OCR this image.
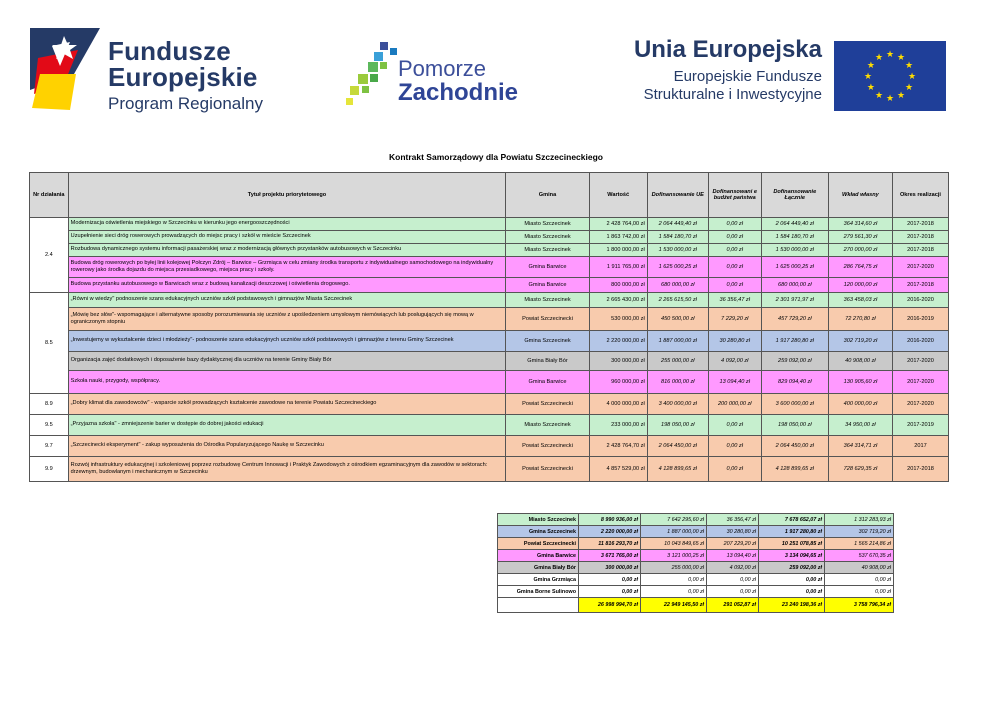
Fundusze
Europejskie
Program Regionalny
Pomorze
Zachodnie
Unia Europejska
Europejskie Fundusze
Strukturalne i Inwestycyjne
★ ★
★
★
★
★
★
★
★
★
★
★
Kontrakt Samorządowy dla Powiatu Szczecineckiego
Nr działania	Tytuł projektu priorytetowego	Gmina	Wartość	Dofinansowanie UE	Dofinansowani e budżet państwa	Dofinansowanie Łącznie	Wkład własny	Okres realizacji
2.4	Modernizacja oświetlenia miejskiego w Szczecinku w kierunku jego energooszczędności	Miasto Szczecinek	2 428 764,00 zł	2 064 449,40 zł	0,00 zł	2 064 449,40 zł	364 314,60 zł	2017-2018
	Uzupełnienie sieci dróg rowerowych prowadzących do miejsc pracy i szkół w mieście Szczecinek	Miasto Szczecinek	1 863 742,00 zł	1 584 180,70 zł	0,00 zł	1 584 180,70 zł	279 561,30 zł	2017-2018
	Rozbudowa dynamicznego systemu informacji pasażerskiej wraz z modernizacją głównych przystanków autobusowych w Szczecinku	Miasto Szczecinek	1 800 000,00 zł	1 530 000,00 zł	0,00 zł	1 530 000,00 zł	270 000,00 zł	2017-2018
	Budowa dróg rowerowych po byłej linii kolejowej Połczyn Zdrój – Barwice – Grzmiąca w celu zmiany środka transportu z indywidualnego samochodowego na indywidualny rowerowy jako środka dojazdu do miejsca przesiadkowego, miejsca pracy i szkoły.	Gmina Barwice	1 911 765,00 zł	1 625 000,25 zł	0,00 zł	1 625 000,25 zł	286 764,75 zł	2017-2020
	Budowa przystanku autobusowego w Barwicach wraz z budową kanalizacji deszczowej i oświetlenia drogowego.	Gmina Barwice	800 000,00 zł	680 000,00 zł	0,00 zł	680 000,00 zł	120 000,00 zł	2017-2018
8.5	„Równi w wiedzy" podnoszenie szans edukacyjnych uczniów szkół podstawowych i gimnazjów Miasta Szczecinek	Miasto Szczecinek	2 665 430,00 zł	2 265 615,50 zł	36 356,47 zł	2 301 971,97 zł	363 458,03 zł	2016-2020
	„Mówię bez słów"- wspomagające i alternatywne sposoby porozumiewania się uczniów z upośledzeniem umysłowym niemówiących lub posługujących się mową w ograniczonym stopniu	Powiat Szczecinecki	530 000,00 zł	450 500,00 zł	7 229,20 zł	457 729,20 zł	72 270,80 zł	2016-2019
	„Inwestujemy w wykształcenie dzieci i młodzieży"- podnoszenie szans edukacyjnych uczniów szkół podstawowych i gimnazjów z terenu Gminy Szczecinek	Gmina Szczecinek	2 220 000,00 zł	1 887 000,00 zł	30 280,80 zł	1 917 280,80 zł	302 719,20 zł	2016-2020
	Organizacja zajęć dodatkowych i doposażenie bazy dydaktycznej dla uczniów na terenie Gminy Biały Bór	Gmina Biały Bór	300 000,00 zł	255 000,00 zł	4 092,00 zł	259 092,00 zł	40 908,00 zł	2017-2020
	Szkoła nauki, przygody, współpracy.	Gmina Barwice	960 000,00 zł	816 000,00 zł	13 094,40 zł	829 094,40 zł	130 905,60 zł	2017-2020
8.9	„Dobry klimat dla zawodowców" - wsparcie szkół prowadzących kształcenie zawodowe na terenie Powiatu Szczecineckiego	Powiat Szczecinecki	4 000 000,00 zł	3 400 000,00 zł	200 000,00 zł	3 600 000,00 zł	400 000,00 zł	2017-2020
9.5	„Przyjazna szkoła" - zmniejszenie barier w dostępie do dobrej jakości edukacji	Miasto Szczecinek	233 000,00 zł	198 050,00 zł	0,00 zł	198 050,00 zł	34 950,00 zł	2017-2019
9.7	„Szczecinecki eksperyment" - zakup wyposażenia do Ośrodka Popularyzującego Naukę w Szczecinku	Powiat Szczecinecki	2 428 764,70 zł	2 064 450,00 zł	0,00 zł	2 064 450,00 zł	364 314,71 zł	2017
9.9	Rozwój infrastruktury edukacyjnej i szkoleniowej poprzez rozbudowę Centrum Innowacji i Praktyk Zawodowych z ośrodkiem egzaminacyjnym dla zawodów w sektorach: drzewnym, budowlanym i mechanicznym w Szczecinku	Powiat Szczecinecki	4 857 529,00 zł	4 128 899,65 zł	0,00 zł	4 128 899,65 zł	728 629,35 zł	2017-2018
Miasto Szczecinek	8 990 936,00 zł	7 642 295,60 zł	36 356,47 zł	7 678 652,07 zł	1 312 283,93 zł
Gmina Szczecinek	2 220 000,00 zł	1 887 000,00 zł	30 280,80 zł	1 917 280,80 zł	302 719,20 zł
Powiat Szczecinecki	11 816 293,70 zł	10 043 849,65 zł	207 229,20 zł	10 251 078,85 zł	1 565 214,86 zł
Gmina Barwice	3 671 765,00 zł	3 121 000,25 zł	13 094,40 zł	3 134 094,65 zł	537 670,35 zł
Gmina Biały Bór	300 000,00 zł	255 000,00 zł	4 092,00 zł	259 092,00 zł	40 908,00 zł
Gmina Grzmiąca	0,00 zł	0,00 zł	0,00 zł	0,00 zł	0,00 zł
Gmina Borne Sulinowo	0,00 zł	0,00 zł	0,00 zł	0,00 zł	0,00 zł
	26 998 994,70 zł	22 949 145,50 zł	291 052,87 zł	23 240 198,36 zł	3 758 796,34 zł
